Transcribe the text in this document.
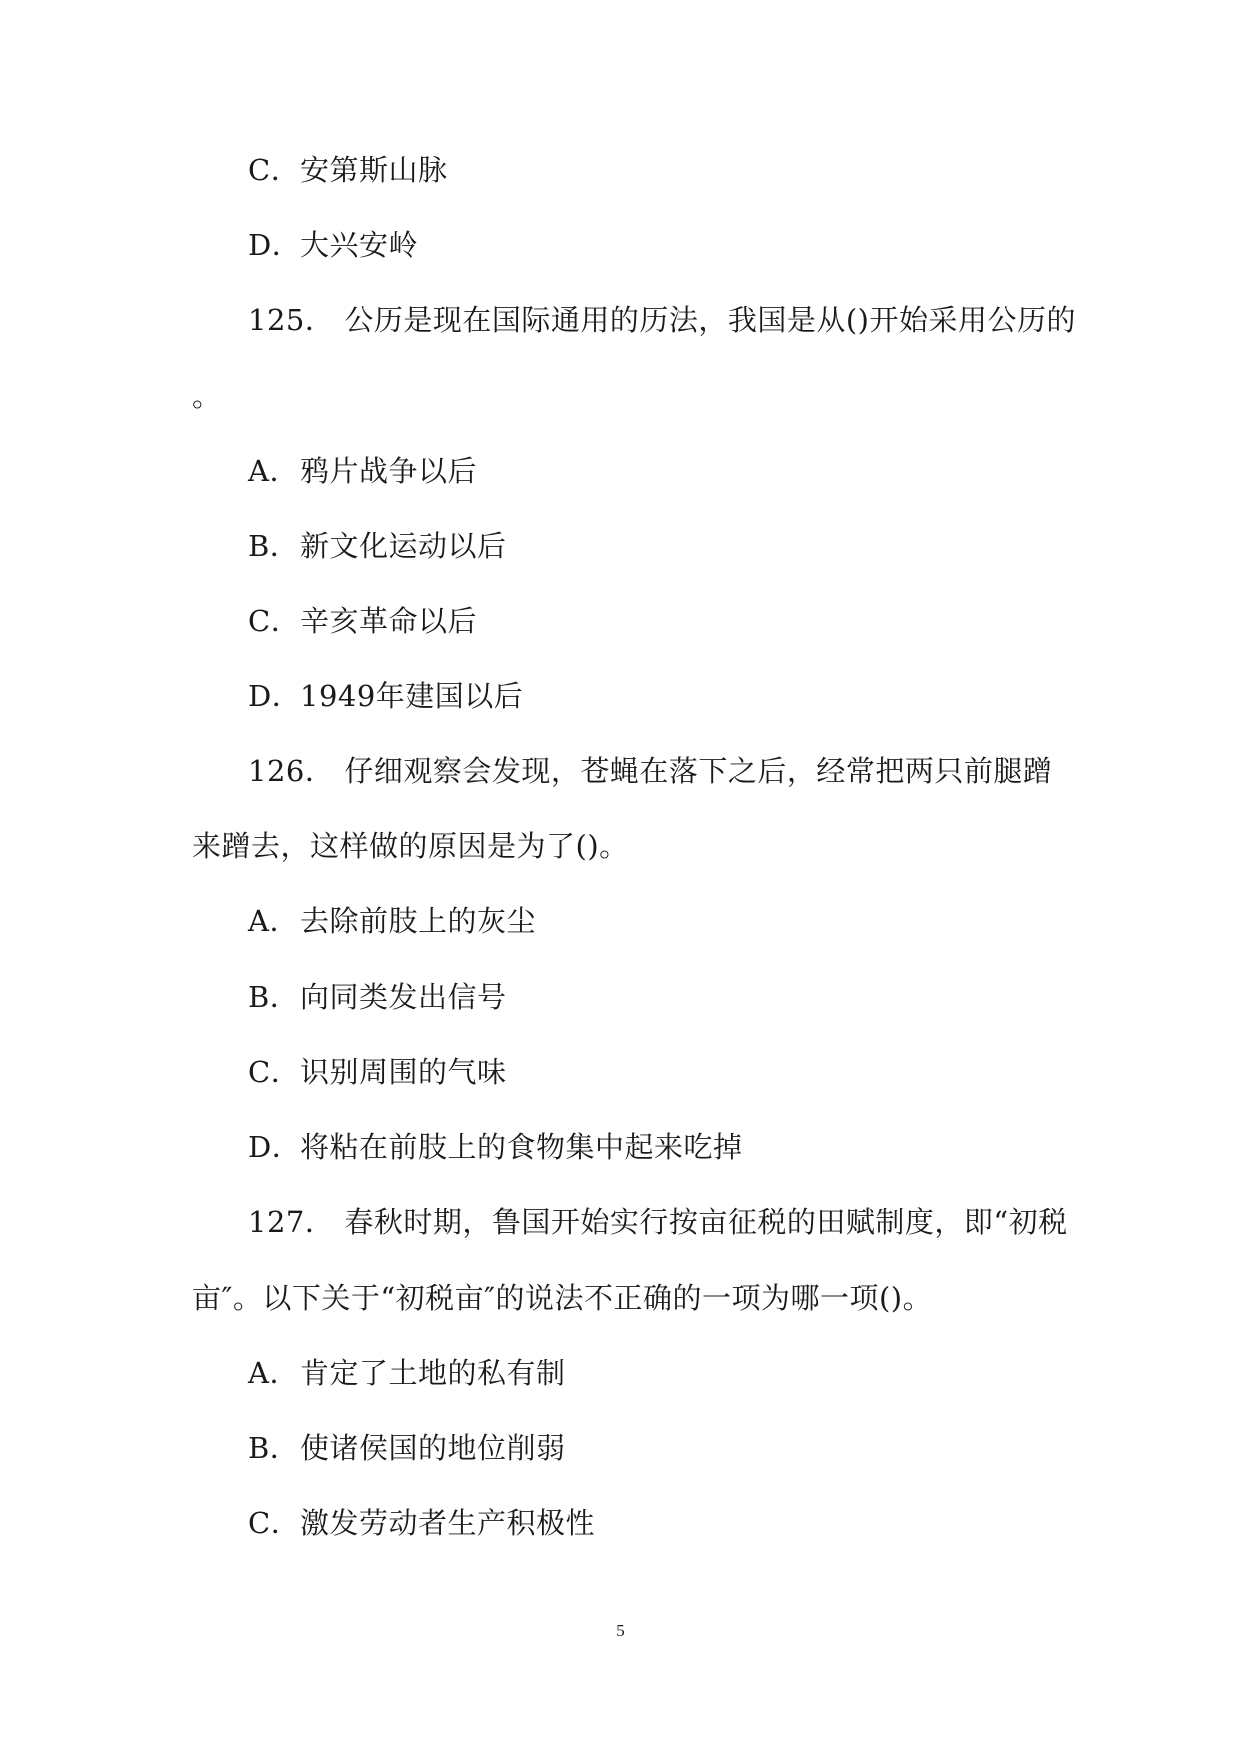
C．安第斯山脉
D．大兴安岭
125． 公历是现在国际通用的历法，我国是从()开始采用公历的
。
A．鸦片战争以后
B．新文化运动以后
C．辛亥革命以后
D．1949年建国以后
126． 仔细观察会发现，苍蝇在落下之后，经常把两只前腿蹭
来蹭去，这样做的原因是为了()。
A．去除前肢上的灰尘
B．向同类发出信号
C．识别周围的气味
D．将粘在前肢上的食物集中起来吃掉
127． 春秋时期，鲁国开始实行按亩征税的田赋制度，即“初税
亩″。以下关于“初税亩″的说法不正确的一项为哪一项()。
A．肯定了土地的私有制
B．使诸侯国的地位削弱
C．激发劳动者生产积极性
5
